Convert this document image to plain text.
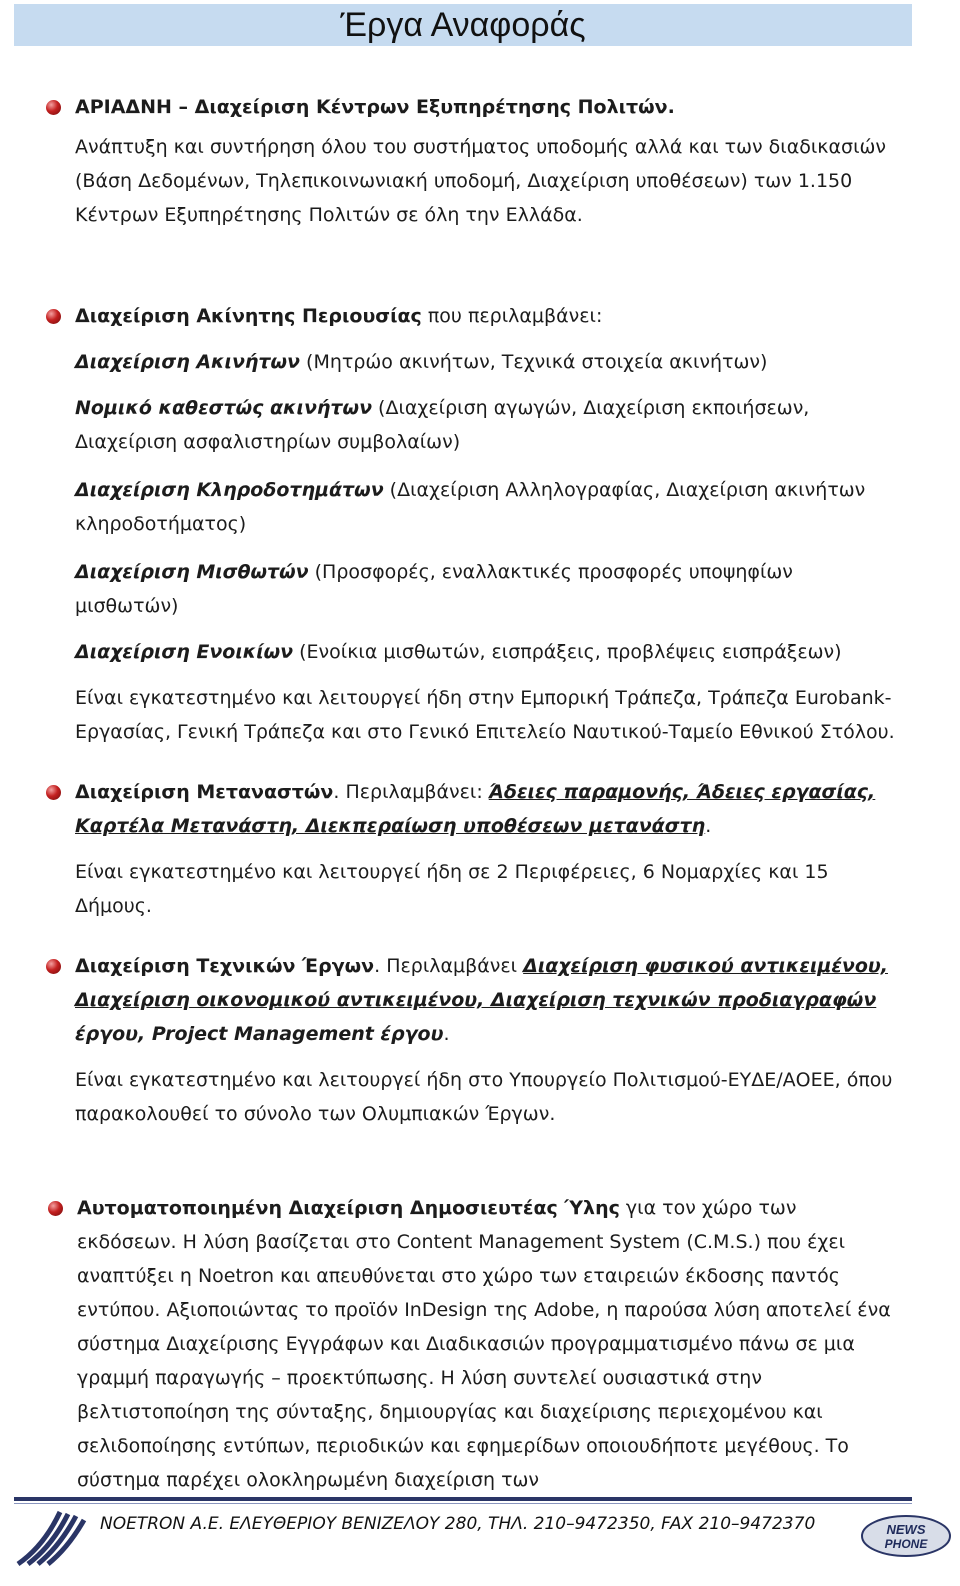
Έργα Αναφοράς

ΑΡΙΑΔΝΗ – Διαχείριση Κέντρων Εξυπηρέτησης Πολιτών.

Ανάπτυξη και συντήρηση όλου του συστήματος υποδομής αλλά και των διαδικασιών (Βάση Δεδομένων, Τηλεπικοινωνιακή υποδομή, Διαχείριση υποθέσεων) των 1.150 Κέντρων Εξυπηρέτησης Πολιτών σε όλη την Ελλάδα.

Διαχείριση Ακίνητης Περιουσίας που περιλαμβάνει:

Διαχείριση Ακινήτων (Μητρώο ακινήτων, Τεχνικά στοιχεία ακινήτων)

Νομικό καθεστώς ακινήτων (Διαχείριση αγωγών, Διαχείριση εκποιήσεων, Διαχείριση ασφαλιστηρίων συμβολαίων)

Διαχείριση Κληροδοτημάτων (Διαχείριση Αλληλογραφίας, Διαχείριση ακινήτων κληροδοτήματος)

Διαχείριση Μισθωτών (Προσφορές, εναλλακτικές προσφορές υποψηφίων μισθωτών)

Διαχείριση Ενοικίων (Ενοίκια μισθωτών, εισπράξεις, προβλέψεις εισπράξεων)

Είναι εγκατεστημένο και λειτουργεί ήδη στην Εμπορική Τράπεζα, Τράπεζα Eurobank-Εργασίας, Γενική Τράπεζα και στο Γενικό Επιτελείο Ναυτικού-Ταμείο Εθνικού Στόλου.

Διαχείριση Μεταναστών. Περιλαμβάνει: Άδειες παραμονής, Άδειες εργασίας, Καρτέλα Μετανάστη, Διεκπεραίωση υποθέσεων μετανάστη.

Είναι εγκατεστημένο και λειτουργεί ήδη σε 2 Περιφέρειες, 6 Νομαρχίες και 15 Δήμους.

Διαχείριση Τεχνικών Έργων. Περιλαμβάνει Διαχείριση φυσικού αντικειμένου, Διαχείριση οικονομικού αντικειμένου, Διαχείριση τεχνικών προδιαγραφών έργου, Project Management έργου.

Είναι εγκατεστημένο και λειτουργεί ήδη στο Υπουργείο Πολιτισμού-ΕΥΔΕ/ΑΟΕΕ, όπου παρακολουθεί το σύνολο των Ολυμπιακών Έργων.

Αυτοματοποιημένη Διαχείριση Δημοσιευτέας Ύλης για τον χώρο των εκδόσεων. Η λύση βασίζεται στο Content Management System (C.M.S.) που έχει αναπτύξει η Noetron και απευθύνεται στο χώρο των εταιρειών έκδοσης παντός εντύπου. Αξιοποιώντας το προϊόν InDesign της Adobe, η παρούσα λύση αποτελεί ένα σύστημα Διαχείρισης Εγγράφων και Διαδικασιών προγραμματισμένο πάνω σε μια γραμμή παραγωγής – προεκτύπωσης. Η λύση συντελεί ουσιαστικά στην βελτιστοποίηση της σύνταξης, δημιουργίας και διαχείρισης περιεχομένου και σελιδοποίησης εντύπων, περιοδικών και εφημερίδων οποιουδήποτε μεγέθους. Το σύστημα παρέχει ολοκληρωμένη διαχείριση των

ΝΟΕΤRON A.E. ΕΛΕΥΘΕΡΙΟΥ ΒΕΝΙΖΕΛΟΥ 280, ΤΗΛ. 210–9472350, FAX 210–9472370	NEWS
PHONE
